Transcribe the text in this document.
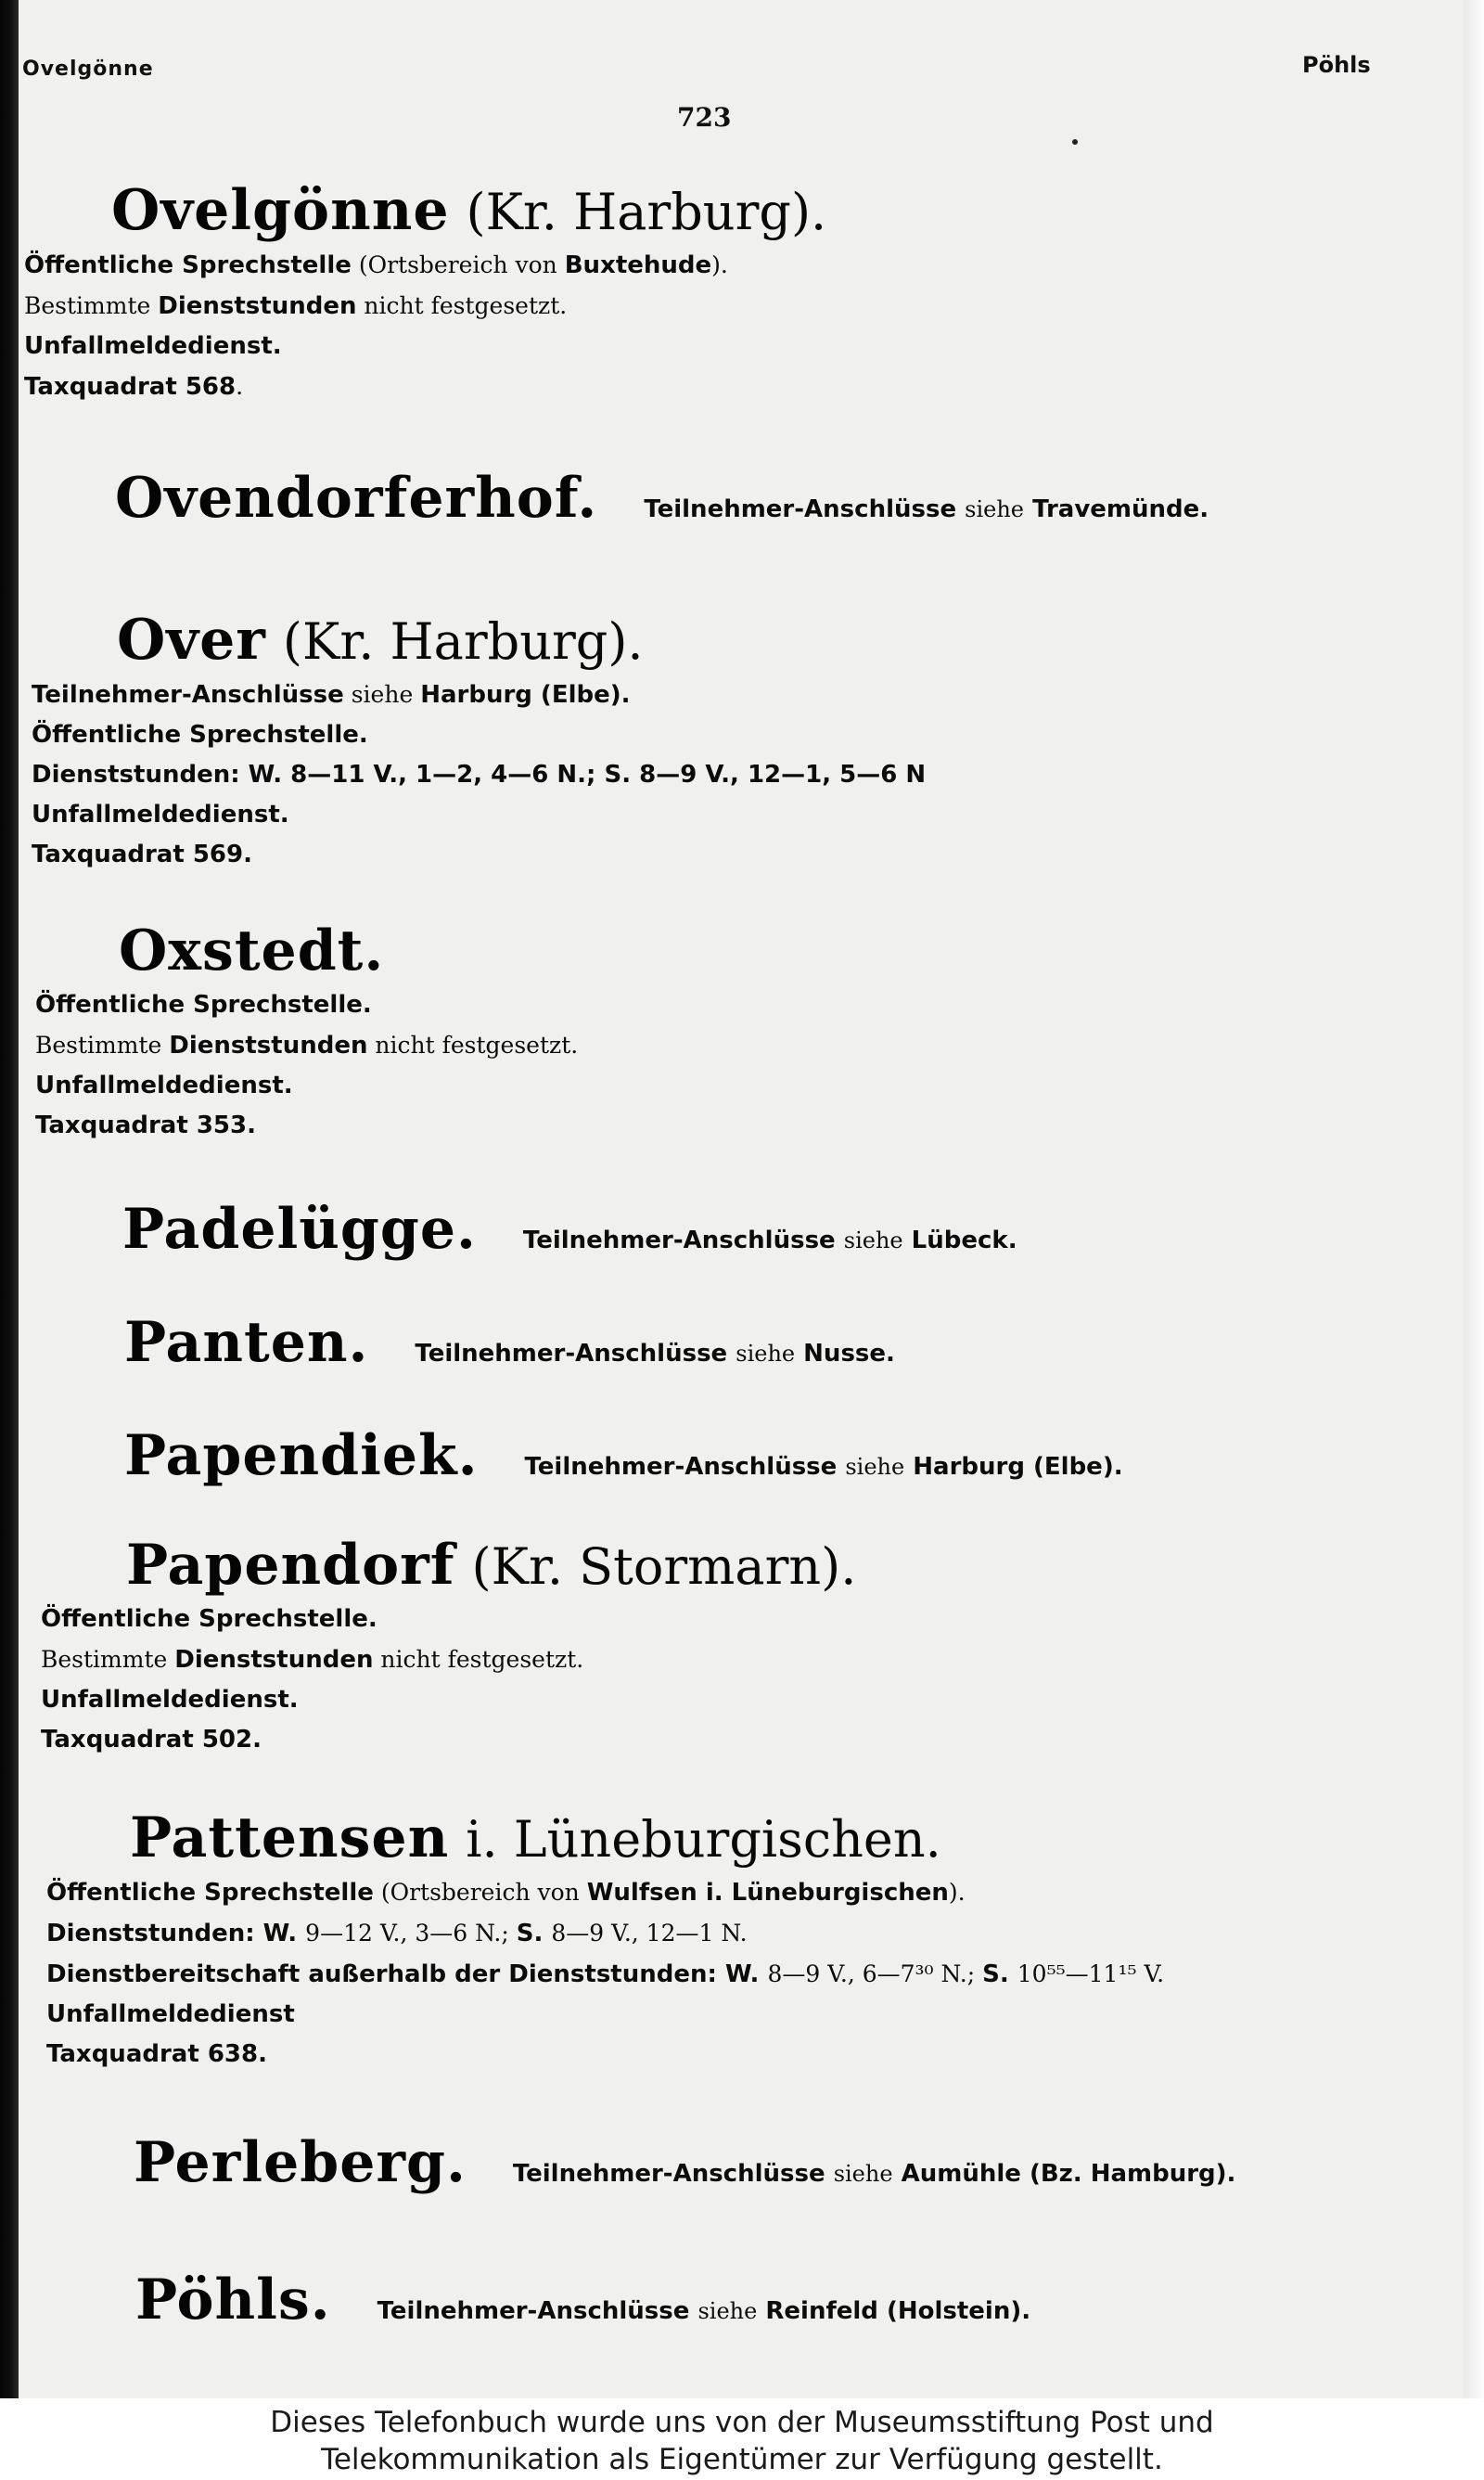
Ovelgönne	Pöhls
723
Ovelgönne (Kr. Harburg).
Öffentliche Sprechstelle (Ortsbereich von Buxtehude).
Bestimmte Dienststunden nicht festgesetzt.
Unfallmeldedienst.
Taxquadrat 568.
Ovendorferhof. Teilnehmer-Anschlüsse siehe Travemünde.
Over (Kr. Harburg).
Teilnehmer-Anschlüsse siehe Harburg (Elbe).
Öffentliche Sprechstelle.
Dienststunden: W. 8—11 V., 1—2, 4—6 N.; S. 8—9 V., 12—1, 5—6 N
Unfallmeldedienst.
Taxquadrat 569.
Oxstedt.
Öffentliche Sprechstelle.
Bestimmte Dienststunden nicht festgesetzt.
Unfallmeldedienst.
Taxquadrat 353.
Padelügge. Teilnehmer-Anschlüsse siehe Lübeck.
Panten. Teilnehmer-Anschlüsse siehe Nusse.
Papendiek. Teilnehmer-Anschlüsse siehe Harburg (Elbe).
Papendorf (Kr. Stormarn).
Öffentliche Sprechstelle.
Bestimmte Dienststunden nicht festgesetzt.
Unfallmeldedienst.
Taxquadrat 502.
Pattensen i. Lüneburgischen.
Öffentliche Sprechstelle (Ortsbereich von Wulfsen i. Lüneburgischen).
Dienststunden: W. 9—12 V., 3—6 N.; S. 8—9 V., 12—1 N.
Dienstbereitschaft außerhalb der Dienststunden: W. 8—9 V., 6—7³⁰ N.; S. 10⁵⁵—11¹⁵ V.
Unfallmeldedienst
Taxquadrat 638.
Perleberg. Teilnehmer-Anschlüsse siehe Aumühle (Bz. Hamburg).
Pöhls. Teilnehmer-Anschlüsse siehe Reinfeld (Holstein).
Dieses Telefonbuch wurde uns von der Museumsstiftung Post und
Telekommunikation als Eigentümer zur Verfügung gestellt.
